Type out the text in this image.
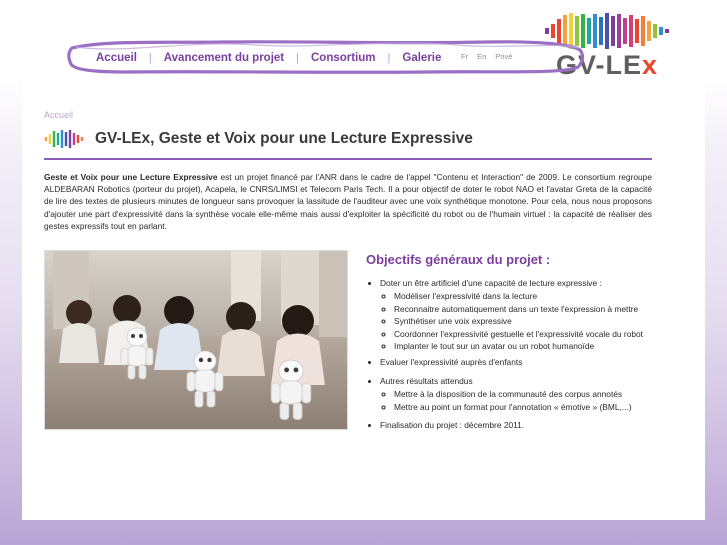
GV-LEx
Accueil	|	Avancement du projet	|	Consortium	|	Galerie	Fr En Privé
Accueil
GV-LEx, Geste et Voix pour une Lecture Expressive

Geste et Voix pour une Lecture Expressive est un projet financé par l'ANR dans le cadre de l'appel "Contenu et Interaction" de 2009. Le consortium regroupe ALDEBARAN Robotics (porteur du projet), Acapela, le CNRS/LIMSI et Telecom Paris Tech. Il a pour objectif de doter le robot NAO et l'avatar Greta de la capacité de lire des textes de plusieurs minutes de longueur sans provoquer la lassitude de l'auditeur avec une voix synthétique monotone. Pour cela, nous nous proposons d'ajouter une part d'expressivité dans la synthèse vocale elle-même mais aussi d'exploiter la spécificité du robot ou de l'humain virtuel : la capacité de réaliser des gestes expressifs tout en parlant.

Objectifs généraux du projet :
• Doter un être artificiel d'une capacité de lecture expressive :
◦ Modéliser l'expressivité dans la lecture
◦ Reconnaitre automatiquement dans un texte l'expression à mettre
◦ Synthétiser une voix expressive
◦ Coordonner l'expressivité gestuelle et l'expressivité vocale du robot
◦ Implanter le tout sur un avatar ou un robot humanoïde
• Evaluer l'expressivité auprès d'enfants
• Autres résultats attendus
◦ Mettre à la disposition de la communauté des corpus annotés
◦ Mettre au point un format pour l'annotation « émotive » (BML,...)
• Finalisation du projet : décembre 2011.
